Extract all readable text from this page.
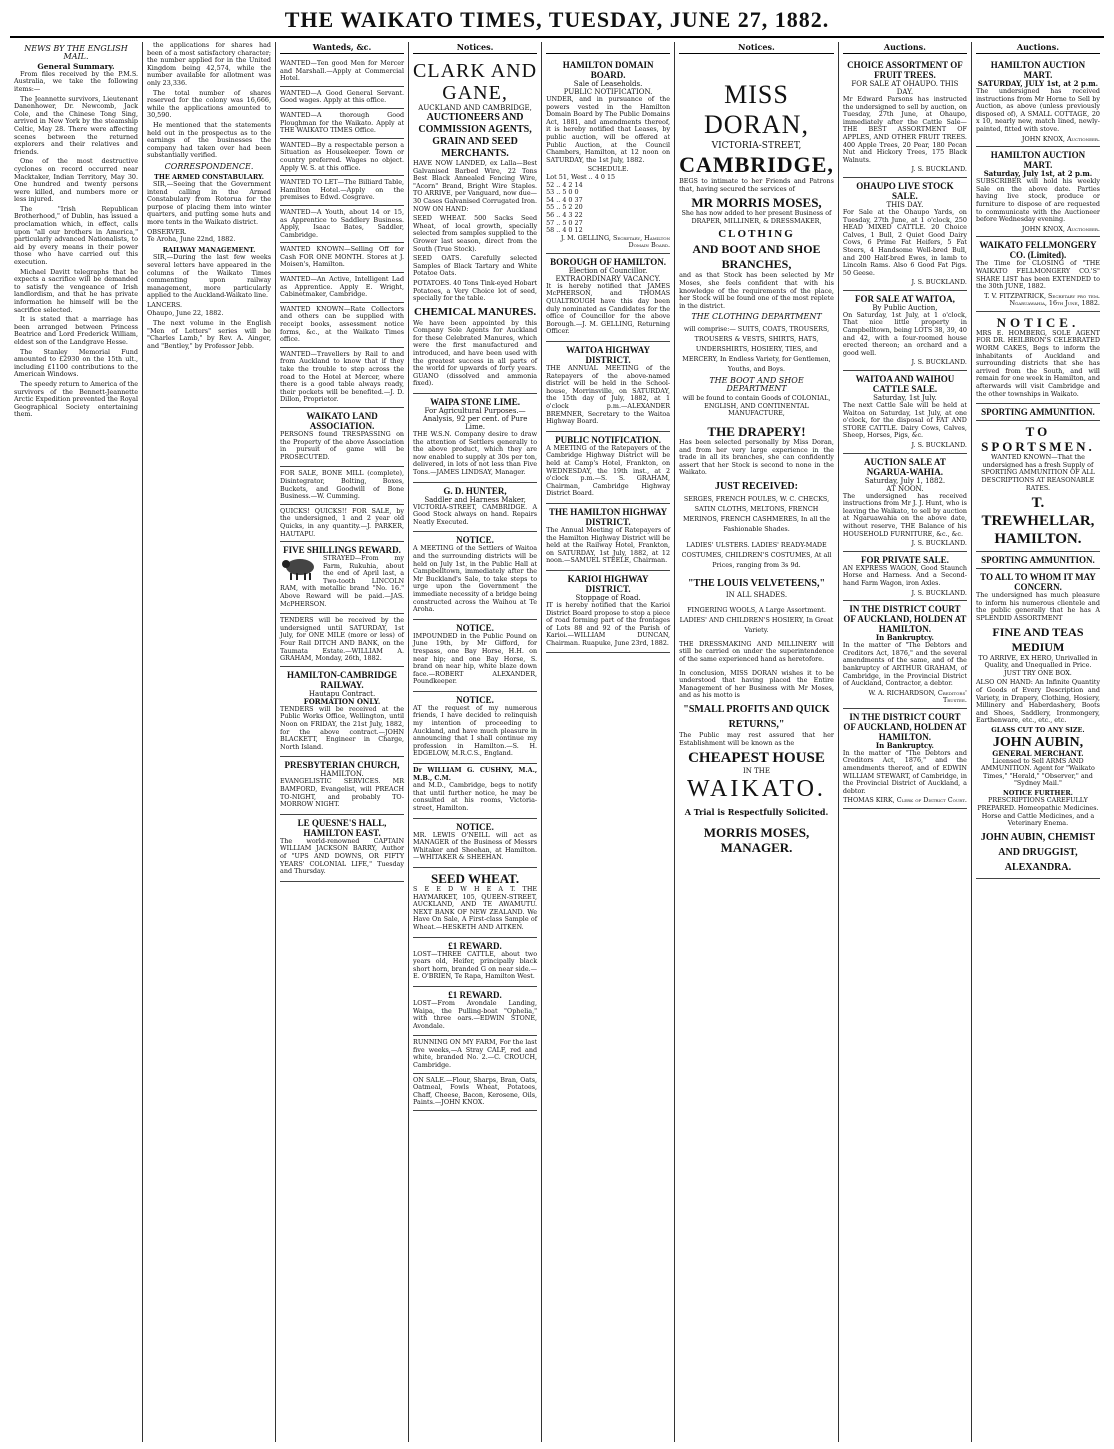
THE WAIKATO TIMES, TUESDAY, JUNE 27, 1882.
NEWS BY THE ENGLISH MAIL.
General Summary.

From files received by the P.M.S. Australia, we take the following items:—

The Jeannette survivors, Lieutenant Danenhower, Dr. Newcomb, Jack Cole, and the Chinese Tong Sing, arrived in New York by the steamship Celtic, May 28. There were affecting scenes between the returned explorers and their relatives and friends.

One of the most destructive cyclones on record occurred near Macktaker, Indian Territory, May 30. One hundred and twenty persons were killed, and numbers more or less injured.

The "Irish Republican Brotherhood," of Dublin, has issued a proclamation which, in effect, calls upon "all our brothers in America," particularly advanced Nationalists, to aid by every means in their power those who have carried out this execution.

Michael Davitt telegraphs that he expects a sacrifice will be demanded to satisfy the vengeance of Irish landlordism, and that he has private information he himself will be the sacrifice selected.

It is stated that a marriage has been arranged between Princess Beatrice and Lord Frederick William, eldest son of the Landgrave Hesse.

The Stanley Memorial Fund amounted to £2930 on the 15th ult., including £1100 contributions to the American Windows.

The speedy return to America of the survivors of the Bennett-Jeannette Arctic Expedition prevented the Royal Geographical Society entertaining them.

the applications for shares had been of a most satisfactory character; the number applied for in the United Kingdom being 42,574, while the number available for allotment was only 23,336.

The total number of shares reserved for the colony was 16,666, while the applications amounted to 30,590.

He mentioned that the statements held out in the prospectus as to the earnings of the businesses the company had taken over had been substantially verified.

CORRESPONDENCE.
THE ARMED CONSTABULARY.

SIR,—Seeing that the Government intend calling in the Armed Constabulary from Rotorua for the purpose of placing them into winter quarters, and putting some huts and more tents in the Waikato district.

OBSERVER.
Te Aroha, June 22nd, 1882.
RAILWAY MANAGEMENT.

SIR,—During the last few weeks several letters have appeared in the columns of the Waikato Times commenting upon railway management, more particularly applied to the Auckland-Waikato line.

LANCERS.
Ohaupo, June 22, 1882.

The next volume in the English "Men of Letters" series will be "Charles Lamb," by Rev. A. Ainger, and "Bentley," by Professor Jebb.

Wanteds, &c.
WANTED—Ten good Men for Mercer and Marshall.—Apply at Commercial Hotel.
WANTED—A Good General Servant. Good wages. Apply at this office.
WANTED—A thorough Good Ploughman for the Waikato. Apply at THE WAIKATO TIMES Office.
WANTED—By a respectable person a Situation as Housekeeper. Town or country preferred. Wages no object. Apply W. S. at this office.
WANTED TO LET—The Billiard Table, Hamilton Hotel.—Apply on the premises to Edwd. Cosgrave.
WANTED—A Youth, about 14 or 15, as Apprentice to Saddlery Business. Apply, Isaac Bates, Saddler, Cambridge.
WANTED KNOWN—Selling Off for Cash FOR ONE MONTH. Stores at J. Moisen's, Hamilton.
WANTED—An Active, Intelligent Lad as Apprentice. Apply E. Wright, Cabinetmaker, Cambridge.
WANTED KNOWN—Rate Collectors and others can be supplied with receipt books, assessment notice forms, &c., at the Waikato Times office.
WANTED—Travellers by Rail to and from Auckland to know that if they take the trouble to step across the road to the Hotel at Mercer, where there is a good table always ready, their pockets will be benefited.—J. D. Dillon, Proprietor.
WAIKATO LAND ASSOCIATION.

PERSONS found TRESPASSING on the Property of the above Association in pursuit of game will be PROSECUTED.

FOR SALE, BONE MILL (complete), Disintegrator, Bolting, Boxes, Buckets, and Goodwill of Bone Business.—W. Cumming.
QUICKS! QUICKS!! FOR SALE, by the undersigned, 1 and 2 year old Quicks, in any quantity.—J. PARKER, HAUTAPU.
FIVE SHILLINGS REWARD.

STRAYED—From my Farm, Rukuhia, about the end of April last, a Two-tooth LINCOLN RAM, with metallic brand "No. 16." Above Reward will be paid.—JAS. McPHERSON.

TENDERS will be received by the undersigned until SATURDAY, 1st July, for ONE MILE (more or less) of Four Rail DITCH AND BANK, on the Taumata Estate.—WILLIAM A. GRAHAM, Monday, 26th, 1882.
HAMILTON-CAMBRIDGE RAILWAY.
Hautapu Contract.
FORMATION ONLY.

TENDERS will be received at the Public Works Office, Wellington, until Noon on FRIDAY, the 21st July, 1882, for the above contract.—JOHN BLACKETT, Engineer in Charge, North Island.

PRESBYTERIAN CHURCH,
HAMILTON.

EVANGELISTIC SERVICES. MR BAMFORD, Evangelist, will PREACH TO-NIGHT, and probably TO-MORROW NIGHT.

LE QUESNE'S HALL, HAMILTON EAST.

The world-renowned CAPTAIN WILLIAM JACKSON BARRY, Author of "UPS AND DOWNS, OR FIFTY YEARS' COLONIAL LIFE," Tuesday and Thursday.

Notices.
CLARK AND GANE,
AUCKLAND AND CAMBRIDGE,
AUCTIONEERS AND COMMISSION AGENTS, GRAIN AND SEED MERCHANTS.

HAVE NOW LANDED, ex Lalla—Best Galvanised Barbed Wire, 22 Tons Best Black Annealed Fencing Wire, "Acorn" Brand, Bright Wire Staples. TO ARRIVE, per Vanguard, now due—30 Cases Galvanised Corrugated Iron. NOW ON HAND:

SEED WHEAT. 500 Sacks Seed Wheat, of local growth, specially selected from samples supplied to the Grower last season, direct from the South (True Stock).

SEED OATS. Carefully selected Samples of Black Tartary and White Potatoe Oats.

POTATOES. 40 Tons Tink-eyed Hobart Potatoes, a Very Choice lot of seed, specially for the table.

CHEMICAL MANURES.

We have been appointed by this Company Sole Agents for Auckland for these Celebrated Manures, which were the first manufactured and introduced, and have been used with the greatest success in all parts of the world for upwards of forty years. GUANO (dissolved and ammonia fixed).

WAIPA STONE LIME.
For Agricultural Purposes.—Analysis, 92 per cent. of Pure Lime.

THE W.S.N. Company desire to draw the attention of Settlers generally to the above product, which they are now enabled to supply at 30s per ton, delivered, in lots of not less than Five Tons.—JAMES LINDSAY, Manager.

G. D. HUNTER,
Saddler and Harness Maker,

VICTORIA-STREET, CAMBRIDGE. A Good Stock always on hand. Repairs Neatly Executed.

NOTICE.

A MEETING of the Settlers of Waitoa and the surrounding districts will be held on July 1st, in the Public Hall at Campbelltown, immediately after the Mr Buckland's Sale, to take steps to urge upon the Government the immediate necessity of a bridge being constructed across the Waihou at Te Aroha.

NOTICE.

IMPOUNDED in the Public Pound on June 19th, by Mr Gifford, for trespass, one Bay Horse, H.H. on near hip; and one Bay Horse, S. brand on near hip, white blaze down face.—ROBERT ALEXANDER, Poundkeeper.

NOTICE.

AT the request of my numerous friends, I have decided to relinquish my intention of proceeding to Auckland, and have much pleasure in announcing that I shall continue my profession in Hamilton.—S. H. EDGELOW, M.R.C.S., England.

Dr WILLIAM G. CUSHNY, M.A., M.B., C.M.

and M.D., Cambridge, begs to notify that until further notice, he may be consulted at his rooms, Victoria-street, Hamilton.

NOTICE.

MR. LEWIS O'NEILL will act as MANAGER of the Business of Messrs Whitaker and Sheehan, at Hamilton.—WHITAKER & SHEEHAN.

SEED WHEAT.

S E E D W H E A T. THE HAYMARKET, 105, QUEEN-STREET, AUCKLAND, AND TE AWAMUTU. NEXT BANK OF NEW ZEALAND. We Have On Sale, A First-class Sample of Wheat.—HESKETH AND AITKEN.

£1 REWARD.

LOST—THREE CATTLE, about two years old, Heifer, principally black short horn, branded G on near side.—E. O'BRIEN, Te Rapa, Hamilton West.

£1 REWARD.

LOST—From Avondale Landing, Waipa, the Pulling-boat "Ophelia," with three oars.—EDWIN STONE, Avondale.

RUNNING ON MY FARM, For the last five weeks,—A Stray CALF, red and white, branded No. 2.—C. CROUCH, Cambridge.
ON SALE.—Flour, Sharps, Bran, Oats, Oatmeal, Fowls Wheat, Potatoes, Chaff, Cheese, Bacon, Kerosene, Oils, Paints.—JOHN KNOX.

HAMILTON DOMAIN BOARD.
Sale of Leaseholds.
PUBLIC NOTIFICATION.

UNDER, and in pursuance of the powers vested in the Hamilton Domain Board by The Public Domains Act, 1881, and amendments thereof, it is hereby notified that Leases, by public auction, will be offered at Public Auction, at the Council Chambers, Hamilton, at 12 noon on SATURDAY, the 1st July, 1882.

SCHEDULE.
Lot 51, West .. 4 0 15
52 .. 4 2 14
53 .. 5 0 0
54 .. 4 0 37
55 .. 5 2 20
56 .. 4 3 22
57 .. 5 0 27
58 .. 4 0 12
J. M. GELLING, Secretary, Hamilton Domain Board.
BOROUGH OF HAMILTON.
Election of Councillor.
EXTRAORDINARY VACANCY.

It is hereby notified that JAMES McPHERSON, and THOMAS QUALTROUGH have this day been duly nominated as Candidates for the office of Councillor for the above Borough.—J. M. GELLING, Returning Officer.

WAITOA HIGHWAY DISTRICT.

THE ANNUAL MEETING of the Ratepayers of the above-named district will be held in the School-house, Morrinsville, on SATURDAY, the 15th day of July, 1882, at 1 o'clock p.m.—ALEXANDER BREMNER, Secretary to the Waitoa Highway Board.

PUBLIC NOTIFICATION.

A MEETING of the Ratepayers of the Cambridge Highway District will be held at Camp's Hotel, Frankton, on WEDNESDAY, the 19th inst., at 2 o'clock p.m.—S. S. GRAHAM, Chairman, Cambridge Highway District Board.

THE HAMILTON HIGHWAY DISTRICT.

The Annual Meeting of Ratepayers of the Hamilton Highway District will be held at the Railway Hotel, Frankton, on SATURDAY, 1st July, 1882, at 12 noon.—SAMUEL STEELE, Chairman.

KARIOI HIGHWAY DISTRICT.
Stoppage of Road.

IT is hereby notified that the Karioi District Board propose to stop a piece of road forming part of the frontages of Lots 88 and 92 of the Parish of Karioi.—WILLIAM DUNCAN, Chairman. Ruapuke, June 23rd, 1882.

Notices.
MISS DORAN,
VICTORIA-STREET,
CAMBRIDGE,

BEGS to intimate to her Friends and Patrons that, having secured the services of

MR MORRIS MOSES,

She has now added to her present Business of DRAPER, MILLINER, & DRESSMAKER,

CLOTHING
AND BOOT AND SHOE BRANCHES,

and as that Stock has been selected by Mr Moses, she feels confident that with his knowledge of the requirements of the place, her Stock will be found one of the most replete in the district.

THE CLOTHING DEPARTMENT

will comprise:— SUITS, COATS, TROUSERS, TROUSERS & VESTS, SHIRTS, HATS, UNDERSHIRTS, HOSIERY, TIES, and MERCERY, In Endless Variety, for Gentlemen, Youths, and Boys.

THE BOOT AND SHOE DEPARTMENT

will be found to contain Goods of COLONIAL, ENGLISH, AND CONTINENTAL MANUFACTURE,

THE DRAPERY!

Has been selected personally by Miss Doran, and from her very large experience in the trade in all its branches, she can confidently assert that her Stock is second to none in the Waikato.

JUST RECEIVED:

SERGES, FRENCH FOULES, W. C. CHECKS, SATIN CLOTHS, MELTONS, FRENCH MERINOS, FRENCH CASHMERES, In all the Fashionable Shades.

LADIES' ULSTERS. LADIES' READY-MADE COSTUMES, CHILDREN'S COSTUMES, At all Prices, ranging from 3s 9d.

"THE LOUIS VELVETEENS,"
IN ALL SHADES.

FINGERING WOOLS, A Large Assortment. LADIES' AND CHILDREN'S HOSIERY, In Great Variety.

THE DRESSMAKING AND MILLINERY will still be carried on under the superintendence of the same experienced hand as heretofore.

In conclusion, MISS DORAN wishes it to be understood that having placed the Entire Management of her Business with Mr Moses, and as his motto is

"SMALL PROFITS AND QUICK RETURNS,"

The Public may rest assured that her Establishment will be known as the

CHEAPEST HOUSE
IN THE
WAIKATO.
A Trial is Respectfully Solicited.
MORRIS MOSES, MANAGER.
Auctions.
CHOICE ASSORTMENT OF FRUIT TREES.
FOR SALE AT OHAUPO. THIS DAY.

Mr Edward Parsons has instructed the undersigned to sell by auction, on Tuesday, 27th June, at Ohaupo, immediately after the Cattle Sale—THE BEST ASSORTMENT OF APPLES, AND OTHER FRUIT TREES. 400 Apple Trees, 20 Pear, 180 Pecan Nut and Hickory Trees, 175 Black Walnuts.

J. S. BUCKLAND.
OHAUPO LIVE STOCK SALE.
THIS DAY.

For Sale at the Ohaupo Yards, on Tuesday, 27th June, at 1 o'clock, 250 HEAD MIXED CATTLE. 20 Choice Calves, 1 Bull, 2 Quiet Good Dairy Cows, 6 Prime Fat Heifers, 5 Fat Steers, 4 Handsome Well-bred Bull, and 200 Half-bred Ewes, in lamb to Lincoln Rams. Also 6 Good Fat Pigs. 50 Geese.

J. S. BUCKLAND.
FOR SALE AT WAITOA,
By Public Auction,

On Saturday, 1st July, at 1 o'clock, That nice little property in Campbelltown, being LOTS 38, 39, 40 and 42, with a four-roomed house erected thereon; an orchard and a good well.

J. S. BUCKLAND.
WAITOA AND WAIHOU CATTLE SALE.
Saturday, 1st July.

The next Cattle Sale will be held at Waitoa on Saturday, 1st July, at one o'clock, for the disposal of FAT AND STORE CATTLE. Dairy Cows, Calves, Sheep, Horses, Pigs, &c.

J. S. BUCKLAND.
AUCTION SALE AT NGARUA-WAHIA.
Saturday, July 1, 1882.
AT NOON.

The undersigned has received instructions from Mr J. J. Hunt, who is leaving the Waikato, to sell by auction at Ngaruawahia on the above date, without reserve, THE Balance of his HOUSEHOLD FURNITURE, &c., &c.

J. S. BUCKLAND.
FOR PRIVATE SALE.

AN EXPRESS WAGON, Good Staunch Horse and Harness. And a Second-hand Farm Wagon, iron Axles.

J. S. BUCKLAND.
IN THE DISTRICT COURT OF AUCKLAND, HOLDEN AT HAMILTON.
In Bankruptcy.

In the matter of "The Debtors and Creditors Act, 1876," and the several amendments of the same, and of the bankruptcy of ARTHUR GRAHAM, of Cambridge, in the Provincial District of Auckland, Contractor, a debtor.

W. A. RICHARDSON, Creditors' Trustee.
IN THE DISTRICT COURT OF AUCKLAND, HOLDEN AT HAMILTON.
In Bankruptcy.

In the matter of "The Debtors and Creditors Act, 1876," and the amendments thereof, and of EDWIN WILLIAM STEWART, of Cambridge, in the Provincial District of Auckland, a debtor.

THOMAS KIRK, Clerk of District Court.
Auctions.
HAMILTON AUCTION MART.
SATURDAY, JULY 1st, at 2 p.m.

The undersigned has received instructions from Mr Horne to Sell by Auction, as above (unless previously disposed of), A SMALL COTTAGE, 20 x 10, nearly new, match lined, newly-painted, fitted with stove.

JOHN KNOX, Auctioneer.
HAMILTON AUCTION MART.
Saturday, July 1st, at 2 p.m.

SUBSCRIBER will hold his weekly Sale on the above date. Parties having live stock, produce or furniture to dispose of are requested to communicate with the Auctioneer before Wednesday evening.

JOHN KNOX, Auctioneer.
WAIKATO FELLMONGERY CO. (Limited).

The Time for CLOSING of "THE WAIKATO FELLMONGERY CO.'S" SHARE LIST has been EXTENDED to the 30th JUNE, 1882.

T. V. FITZPATRICK, Secretary pro tem. Ngaruawahia, 16th June, 1882.
NOTICE.

MRS E. HOMBERG, SOLE AGENT FOR DR. HEILBRON'S CELEBRATED WORM CAKES, Begs to inform the inhabitants of Auckland and surrounding districts that she has arrived from the South, and will remain for one week in Hamilton, and afterwards will visit Cambridge and the other townships in Waikato.

SPORTING AMMUNITION.
TO SPORTSMEN.

WANTED KNOWN—That the undersigned has a fresh Supply of SPORTING AMMUNITION OF ALL DESCRIPTIONS AT REASONABLE RATES.

T. TREWHELLAR, HAMILTON.
SPORTING AMMUNITION.
TO ALL TO WHOM IT MAY CONCERN.

The undersigned has much pleasure to inform his numerous clientele and the public generally that he has A SPLENDID ASSORTMENT

FINE AND TEAS MEDIUM

TO ARRIVE, EX HERO, Unrivalled in Quality, and Unequalled in Price. JUST TRY ONE BOX.

ALSO ON HAND: An Infinite Quantity of Goods of Every Description and Variety, in Drapery, Clothing, Hosiery, Millinery and Haberdashery, Boots and Shoes, Saddlery, Ironmongery, Earthenware, etc., etc., etc.

GLASS CUT TO ANY SIZE.
JOHN AUBIN,
GENERAL MERCHANT.

Licensed to Sell ARMS AND AMMUNITION. Agent for "Waikato Times," "Herald," "Observer," and "Sydney Mail."

NOTICE FURTHER.

PRESCRIPTIONS CAREFULLY PREPARED. Homeopathic Medicines. Horse and Cattle Medicines, and a Veterinary Enema.

JOHN AUBIN, CHEMIST AND DRUGGIST, ALEXANDRA.
